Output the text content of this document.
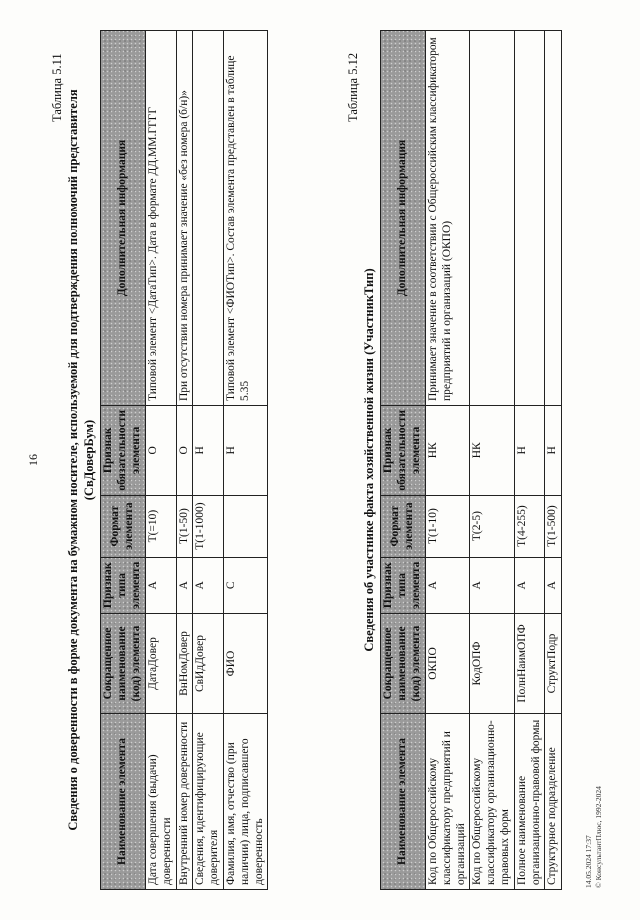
16
Таблица 5.11
Сведения о доверенности в форме документа на бумажном носителе, используемой для подтверждения полномочий представителя (СвДоверБум)
Наименование элемента	Сокращенное наименование (код) элемента	Признак типа элемента	Формат элемента	Признак обязательности элемента	Дополнительная информация
Дата совершения (выдачи) доверенности	ДатаДовер	А	T(=10)	О	Типовой элемент <ДатаТип>. Дата в формате ДД.ММ.ГГГГ
Внутренний номер доверенности	ВнНомДовер	А	T(1-50)	О	При отсутствии номера принимает значение «без номера (б/н)»
Сведения, идентифицирующие доверителя	СвИдДовер	А	T(1-1000)	Н	
Фамилия, имя, отчество (при наличии) лица, подписавшего доверенность	ФИО	С		Н	Типовой элемент <ФИОТип>. Состав элемента представлен в таблице 5.35
Таблица 5.12
Сведения об участнике факта хозяйственной жизни (УчастникТип)
Наименование элемента	Сокращенное наименование (код) элемента	Признак типа элемента	Формат элемента	Признак обязательности элемента	Дополнительная информация
Код по Общероссийскому классификатору предприятий и организаций	ОКПО	А	T(1-10)	НК	Принимает значение в соответствии с Общероссийским классификатором предприятий и организаций (ОКПО)
Код по Общероссийскому классификатору организационно-правовых форм	КодОПФ	А	T(2-5)	НК	
Полное наименование организационно-правовой формы	ПолнНаимОПФ	А	T(4-255)	Н	
Структурное подразделение	СтруктПодр	А	T(1-500)	Н	
14.05.2024 17:37 © КонсультантПлюс, 1992-2024
